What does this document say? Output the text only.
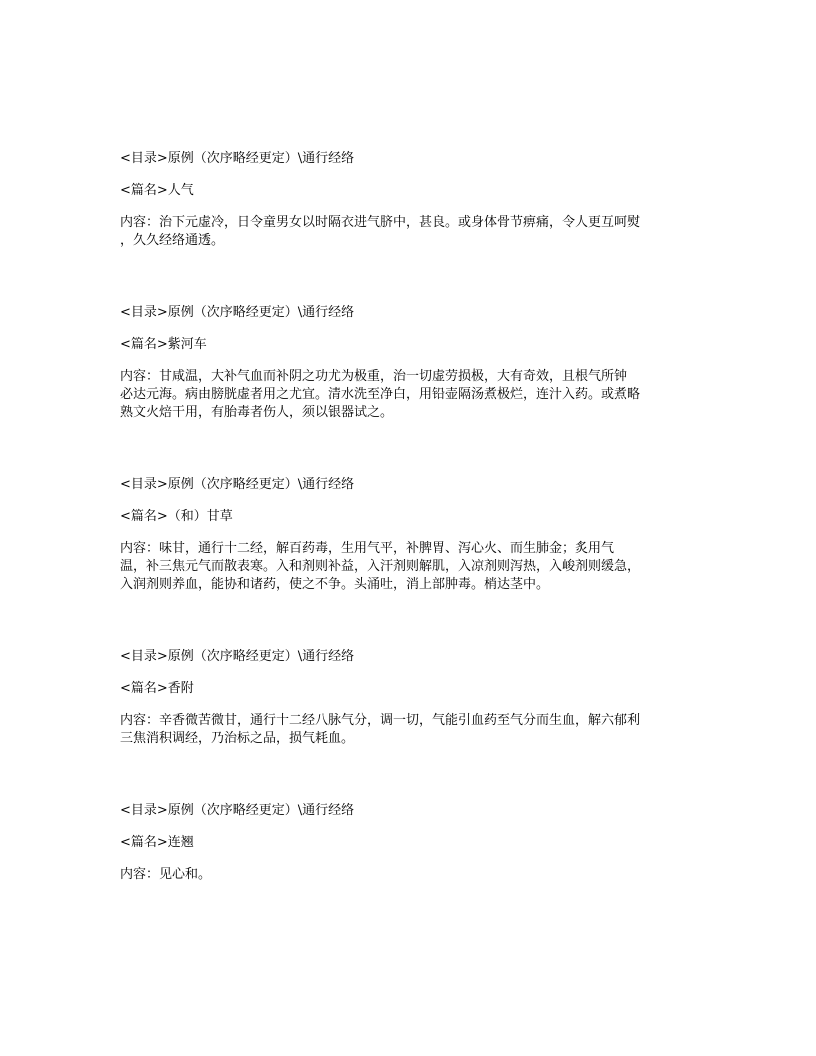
<目录>原例（次序略经更定）\通行经络

<篇名>人气

内容：治下元虚冷，日令童男女以时隔衣进气脐中，甚良。或身体骨节痹痛，令人更互呵熨
，久久经络通透。

<目录>原例（次序略经更定）\通行经络

<篇名>紫河车

内容：甘咸温，大补气血而补阴之功尤为极重，治一切虚劳损极，大有奇效，且根气所钟
必达元海。病由膀胱虚者用之尤宜。清水洗至净白，用铅壶隔汤煮极烂，连汁入药。或煮略
熟文火焙干用，有胎毒者伤人，须以银器试之。

<目录>原例（次序略经更定）\通行经络

<篇名>（和）甘草

内容：味甘，通行十二经，解百药毒，生用气平，补脾胃、泻心火、而生肺金；炙用气
温，补三焦元气而散表寒。入和剂则补益，入汗剂则解肌，入凉剂则泻热，入峻剂则缓急，
入润剂则养血，能协和诸药，使之不争。头涌吐，消上部肿毒。梢达茎中。

<目录>原例（次序略经更定）\通行经络

<篇名>香附

内容：辛香微苦微甘，通行十二经八脉气分，调一切，气能引血药至气分而生血，解六郁利
三焦消积调经，乃治标之品，损气耗血。

<目录>原例（次序略经更定）\通行经络

<篇名>连翘

内容：见心和。
